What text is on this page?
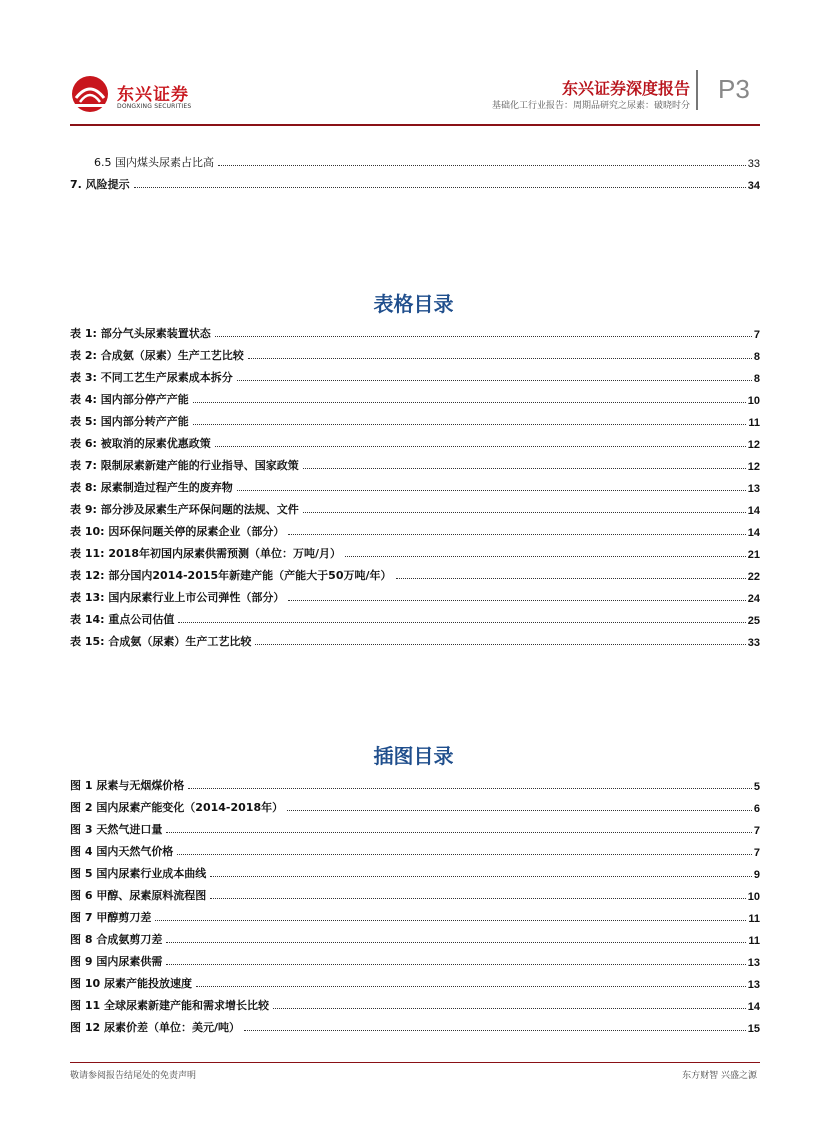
东兴证券
DONGXING SECURITIES
东兴证券深度报告
基础化工行业报告：周期品研究之尿素：破晓时分
P3
6.5 国内煤头尿素占比高	33
7. 风险提示	34
表格目录
表 1: 部分气头尿素装置状态	7
表 2: 合成氨（尿素）生产工艺比较	8
表 3: 不同工艺生产尿素成本拆分	8
表 4: 国内部分停产产能	10
表 5: 国内部分转产产能	11
表 6: 被取消的尿素优惠政策	12
表 7: 限制尿素新建产能的行业指导、国家政策	12
表 8: 尿素制造过程产生的废弃物	13
表 9: 部分涉及尿素生产环保问题的法规、文件	14
表 10: 因环保问题关停的尿素企业（部分）	14
表 11: 2018年初国内尿素供需预测（单位：万吨/月）	21
表 12: 部分国内2014-2015年新建产能（产能大于50万吨/年）	22
表 13: 国内尿素行业上市公司弹性（部分）	24
表 14: 重点公司估值	25
表 15: 合成氨（尿素）生产工艺比较	33
插图目录
图 1 尿素与无烟煤价格	5
图 2 国内尿素产能变化（2014-2018年）	6
图 3 天然气进口量	7
图 4 国内天然气价格	7
图 5 国内尿素行业成本曲线	9
图 6 甲醇、尿素原料流程图	10
图 7 甲醇剪刀差	11
图 8 合成氨剪刀差	11
图 9 国内尿素供需	13
图 10 尿素产能投放速度	13
图 11 全球尿素新建产能和需求增长比较	14
图 12 尿素价差（单位：美元/吨）	15
敬请参阅报告结尾处的免责声明	东方财智 兴盛之源
